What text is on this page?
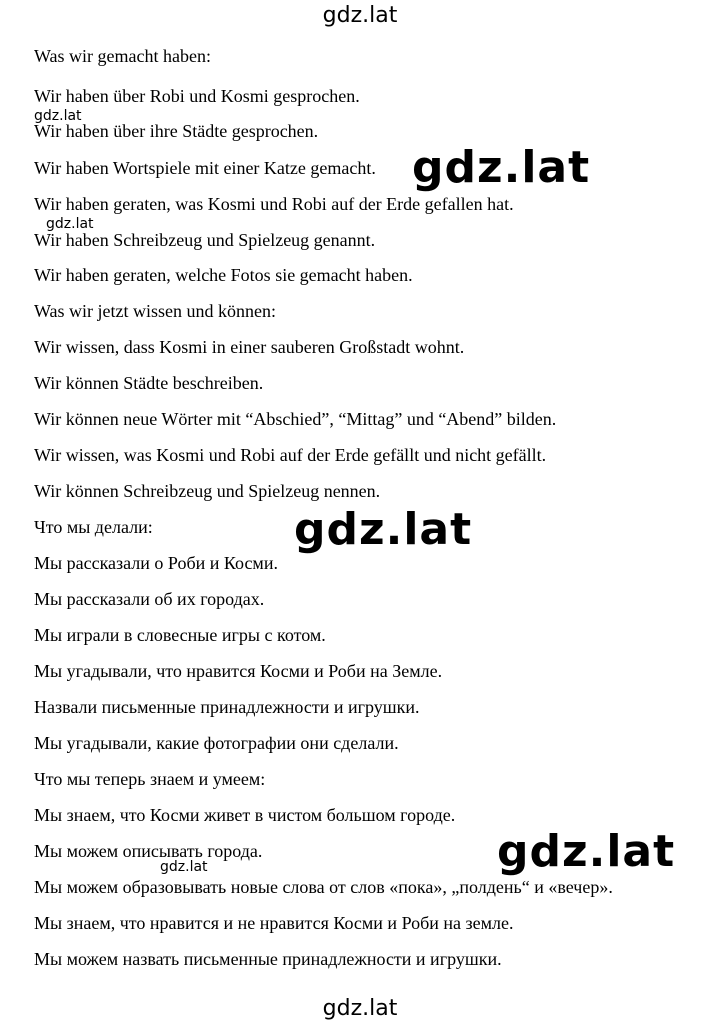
gdz.lat
Was wir gemacht haben:
Wir haben über Robi und Kosmi gesprochen.
Wir haben über ihre Städte gesprochen.
Wir haben Wortspiele mit einer Katze gemacht.
Wir haben geraten, was Kosmi und Robi auf der Erde gefallen hat.
Wir haben Schreibzeug und Spielzeug genannt.
Wir haben geraten, welche Fotos sie gemacht haben.
Was wir jetzt wissen und können:
Wir wissen, dass Kosmi in einer sauberen Großstadt wohnt.
Wir können Städte beschreiben.
Wir können neue Wörter mit “Abschied”, “Mittag” und “Abend” bilden.
Wir wissen, was Kosmi und Robi auf der Erde gefällt und nicht gefällt.
Wir können Schreibzeug und Spielzeug nennen.
Что мы делали:
Мы рассказали о Роби и Косми.
Мы рассказали об их городах.
Мы играли в словесные игры с котом.
Мы угадывали, что нравится Косми и Роби на Земле.
Назвали письменные принадлежности и игрушки.
Мы угадывали, какие фотографии они сделали.
Что мы теперь знаем и умеем:
Мы знаем, что Косми живет в чистом большом городе.
Мы можем описывать города.
Мы можем образовывать новые слова от слов «пока», „полдень“ и «вечер».
Мы знаем, что нравится и не нравится Косми и Роби на земле.
Мы можем назвать письменные принадлежности и игрушки.
gdz.lat
gdz.lat
gdz.lat
gdz.lat
gdz.lat
gdz.lat
gdz.lat
